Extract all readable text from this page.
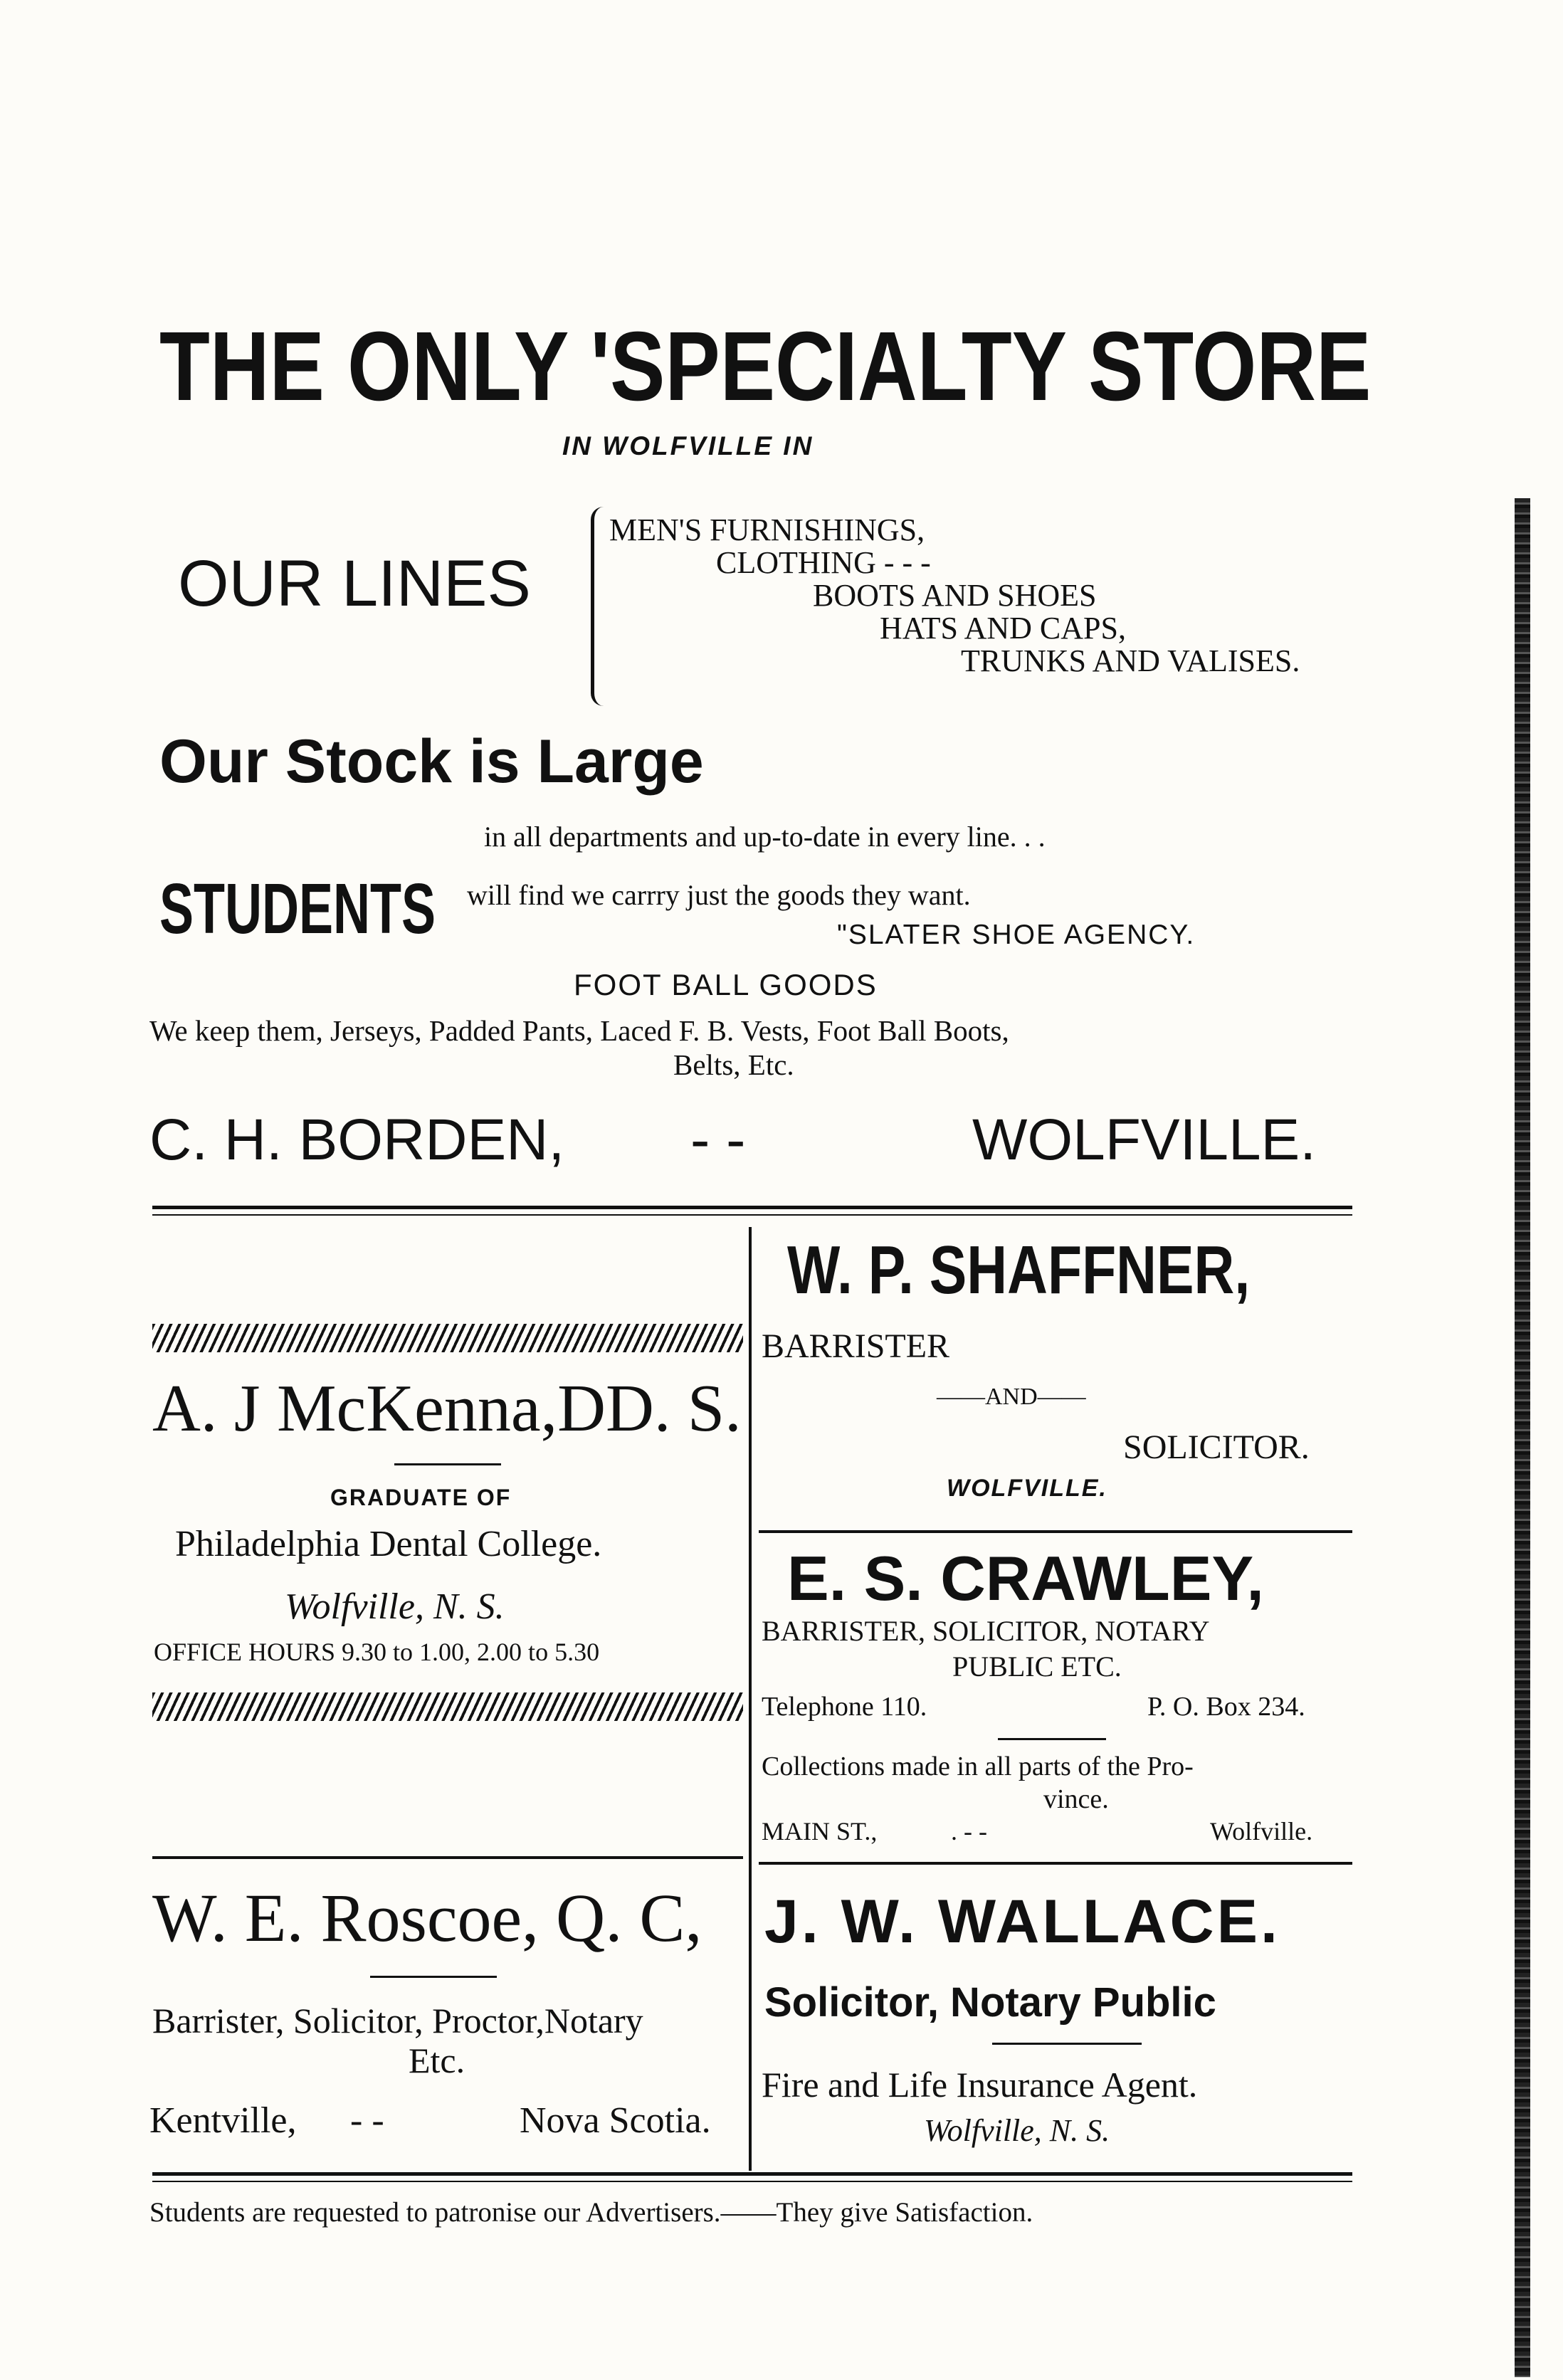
THE ONLY 'SPECIALTY STORE
IN WOLFVILLE IN
OUR LINES
MEN'S FURNISHINGS,
CLOTHING - - -
BOOTS AND SHOES
HATS AND CAPS,
TRUNKS AND VALISES.
Our Stock is Large
in all departments and up-to-date in every line. . .
STUDENTS	will find we carrry just the goods they want.
"SLATER SHOE AGENCY.
FOOT BALL GOODS
We keep them, Jerseys, Padded Pants, Laced F. B. Vests, Foot Ball Boots,
Belts, Etc.
C. H. BORDEN, - -	WOLFVILLE.
A. J McKenna,DD. S.
GRADUATE OF
Philadelphia Dental College.
Wolfville, N. S.
OFFICE HOURS 9.30 to 1.00, 2.00 to 5.30
W. P. SHAFFNER,
BARRISTER
——AND——
SOLICITOR.
WOLFVILLE.
E. S. CRAWLEY,
BARRISTER, SOLICITOR, NOTARY
PUBLIC ETC.
Telephone 110.	P. O. Box 234.
Collections made in all parts of the Pro-
vince.
MAIN ST.,	. - -	Wolfville.
W. E. Roscoe, Q. C,
Barrister, Solicitor, Proctor,Notary
Etc.
Kentville, - -	Nova Scotia.
J. W. WALLACE.
Solicitor, Notary Public
Fire and Life Insurance Agent.
Wolfville, N. S.
Students are requested to patronise our Advertisers.——They give Satisfaction.
